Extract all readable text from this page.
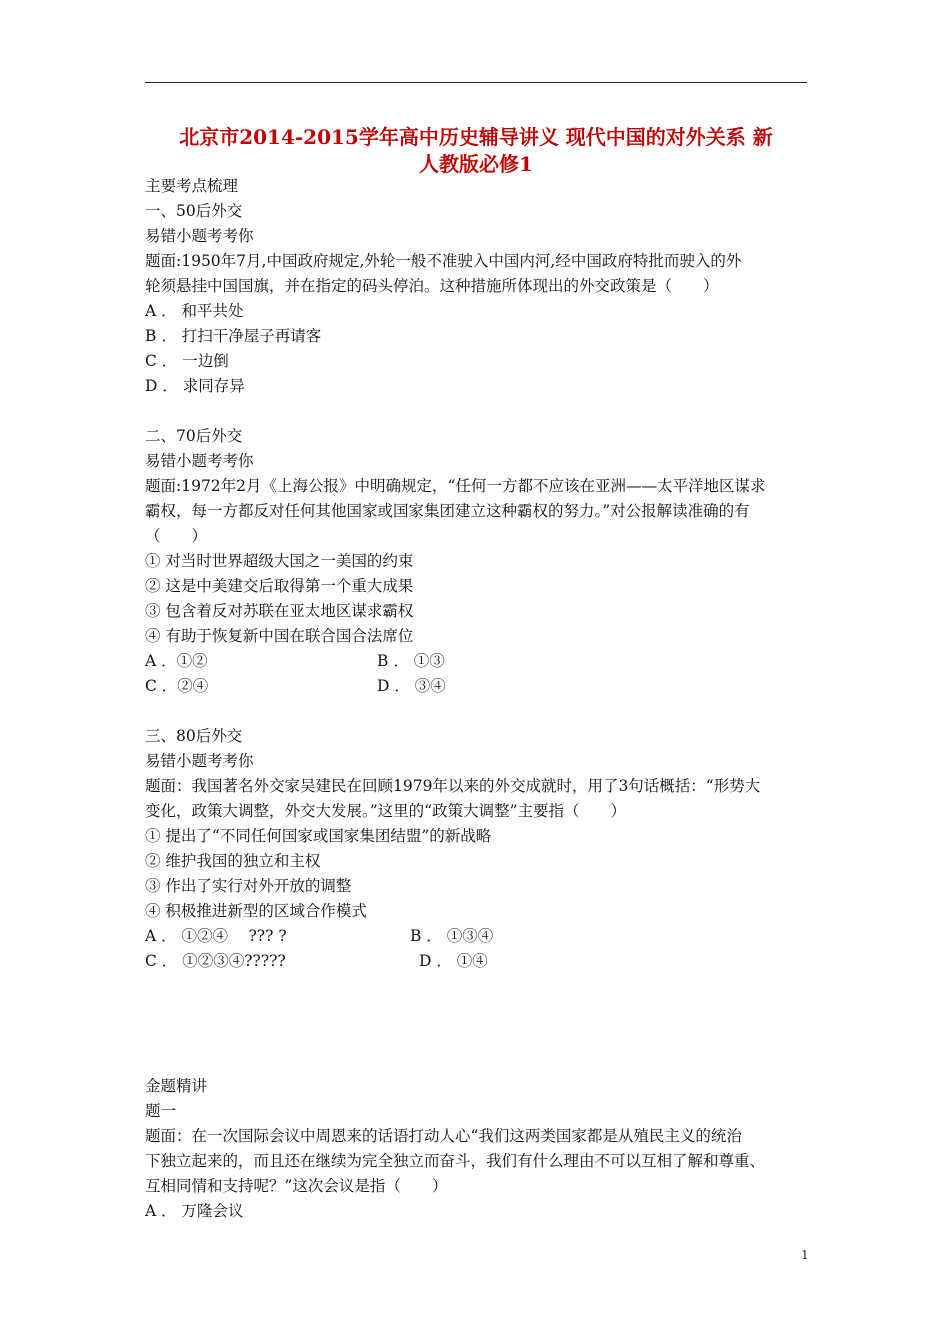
北京市2014-2015学年高中历史辅导讲义 现代中国的对外关系 新
人教版必修1
主要考点梳理
一、50后外交
易错小题考考你
题面:1950年7月,中国政府规定,外轮一般不准驶入中国内河,经中国政府特批而驶入的外
轮须悬挂中国国旗，并在指定的码头停泊。这种措施所体现出的外交政策是（　　）
A ． 和平共处
B ． 打扫干净屋子再请客
C ． 一边倒
D ． 求同存异
二、70后外交
易错小题考考你
题面:1972年2月《上海公报》中明确规定，“任何一方都不应该在亚洲——太平洋地区谋求
霸权，每一方都反对任何其他国家或国家集团建立这种霸权的努力。”对公报解读准确的有
（　　）
① 对当时世界超级大国之一美国的约束
② 这是中美建交后取得第一个重大成果
③ 包含着反对苏联在亚太地区谋求霸权
④ 有助于恢复新中国在联合国合法席位
A ．①②	B ． ①③
C ．②④	D ． ③④
三、80后外交
易错小题考考你
题面：我国著名外交家吴建民在回顾1979年以来的外交成就时，用了3句话概括：“形势大
变化，政策大调整，外交大发展。”这里的“政策大调整”主要指（　　）
① 提出了“不同任何国家或国家集团结盟”的新战略
② 维护我国的独立和主权
③ 作出了实行对外开放的调整
④ 积极推进新型的区域合作模式
A ． ①②④　 ??? ?	B ． ①③④
C ． ①②③④?????	D ． ①④
金题精讲
题一
题面：在一次国际会议中周恩来的话语打动人心“我们这两类国家都是从殖民主义的统治
下独立起来的，而且还在继续为完全独立而奋斗，我们有什么理由不可以互相了解和尊重、
互相同情和支持呢？”这次会议是指（　　）
A ． 万隆会议
1
